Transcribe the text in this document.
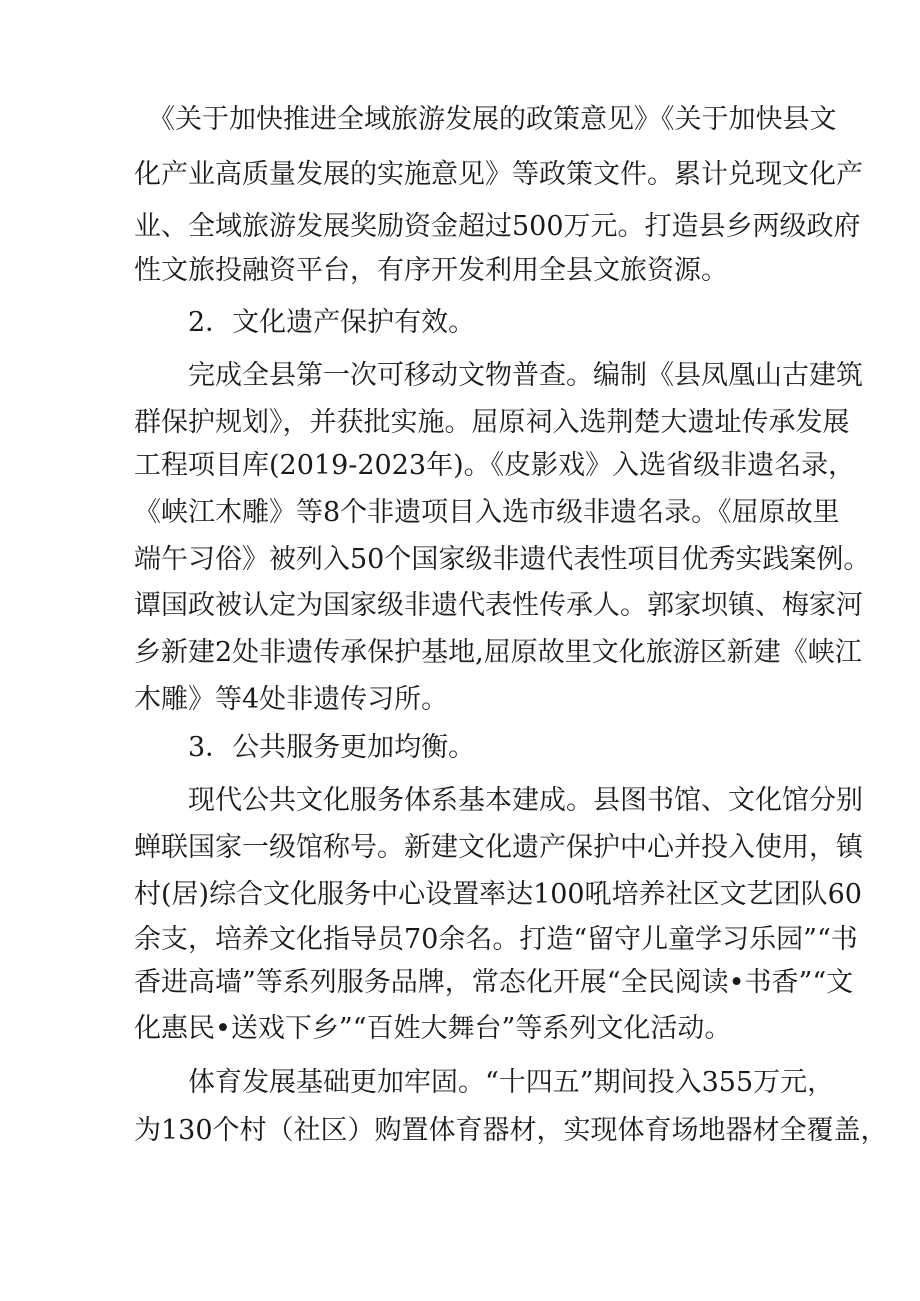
《关于加快推进全域旅游发展的政策意见》《关于加快县文
化产业高质量发展的实施意见》等政策文件。累计兑现文化产
业、全域旅游发展奖励资金超过500万元。打造县乡两级政府
性文旅投融资平台，有序开发利用全县文旅资源。
2．文化遗产保护有效。
完成全县第一次可移动文物普查。编制《县凤凰山古建筑
群保护规划》，并获批实施。屈原祠入选荆楚大遗址传承发展
工程项目库(2019-2023年)。《皮影戏》入选省级非遗名录，
《峡江木雕》等8个非遗项目入选市级非遗名录。《屈原故里
端午习俗》被列入50个国家级非遗代表性项目优秀实践案例。
谭国政被认定为国家级非遗代表性传承人。郭家坝镇、梅家河
乡新建2处非遗传承保护基地,屈原故里文化旅游区新建《峡江
木雕》等4处非遗传习所。
3．公共服务更加均衡。
现代公共文化服务体系基本建成。县图书馆、文化馆分别
蝉联国家一级馆称号。新建文化遗产保护中心并投入使用，镇
村(居)综合文化服务中心设置率达100吼培养社区文艺团队60
余支，培养文化指导员70余名。打造“留守儿童学习乐园”“书
香进高墙”等系列服务品牌，常态化开展“全民阅读•书香”“文
化惠民•送戏下乡”“百姓大舞台”等系列文化活动。
体育发展基础更加牢固。“十四五”期间投入355万元，
为130个村（社区）购置体育器材，实现体育场地器材全覆盖，
